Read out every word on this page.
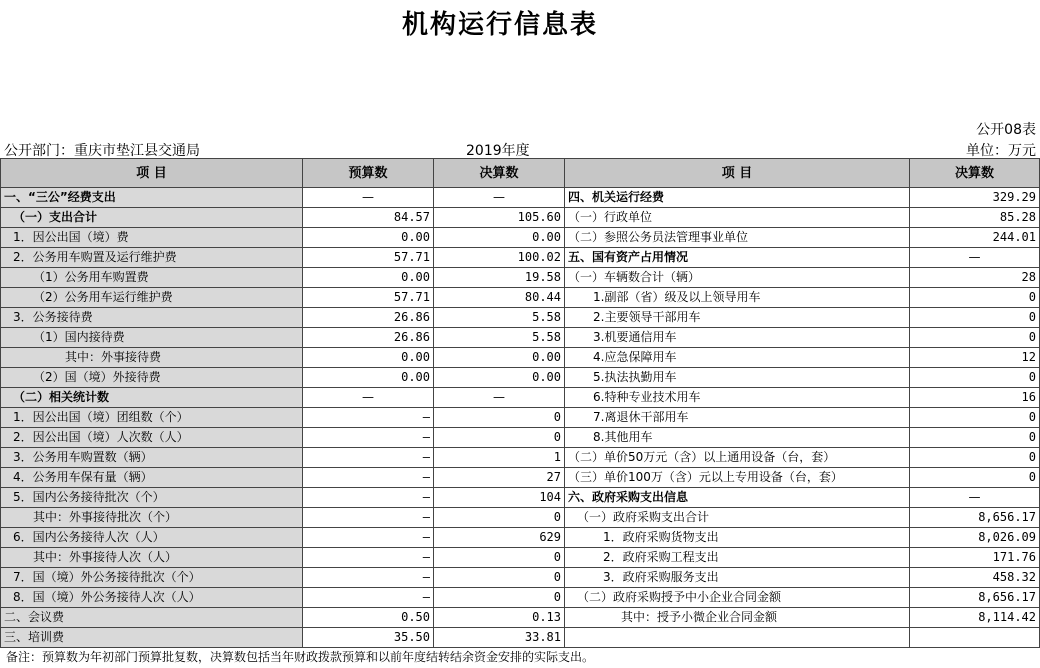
机构运行信息表
公开08表
公开部门：重庆市垫江县交通局	2019年度	单位：万元
项 目	预算数	决算数	项 目	决算数
一、“三公”经费支出	—	—	四、机关运行经费	329.29
（一）支出合计	84.57	105.60	（一）行政单位	85.28
1．因公出国（境）费	0.00	0.00	（二）参照公务员法管理事业单位	244.01
2．公务用车购置及运行维护费	57.71	100.02	五、国有资产占用情况	—
（1）公务用车购置费	0.00	19.58	（一）车辆数合计（辆）	28
（2）公务用车运行维护费	57.71	80.44	1.副部（省）级及以上领导用车	0
3．公务接待费	26.86	5.58	2.主要领导干部用车	0
（1）国内接待费	26.86	5.58	3.机要通信用车	0
其中：外事接待费	0.00	0.00	4.应急保障用车	12
（2）国（境）外接待费	0.00	0.00	5.执法执勤用车	0
（二）相关统计数	—	—	6.特种专业技术用车	16
1．因公出国（境）团组数（个）	—	0	7.离退休干部用车	0
2．因公出国（境）人次数（人）	—	0	8.其他用车	0
3．公务用车购置数（辆）	—	1	（二）单价50万元（含）以上通用设备（台，套）	0
4．公务用车保有量（辆）	—	27	（三）单价100万（含）元以上专用设备（台，套）	0
5．国内公务接待批次（个）	—	104	六、政府采购支出信息	—
其中：外事接待批次（个）	—	0	（一）政府采购支出合计	8,656.17
6．国内公务接待人次（人）	—	629	1．政府采购货物支出	8,026.09
其中：外事接待人次（人）	—	0	2．政府采购工程支出	171.76
7．国（境）外公务接待批次（个）	—	0	3．政府采购服务支出	458.32
8．国（境）外公务接待人次（人）	—	0	（二）政府采购授予中小企业合同金额	8,656.17
二、会议费	0.50	0.13	其中：授予小微企业合同金额	8,114.42
三、培训费	35.50	33.81		
备注：预算数为年初部门预算批复数，决算数包括当年财政拨款预算和以前年度结转结余资金安排的实际支出。
